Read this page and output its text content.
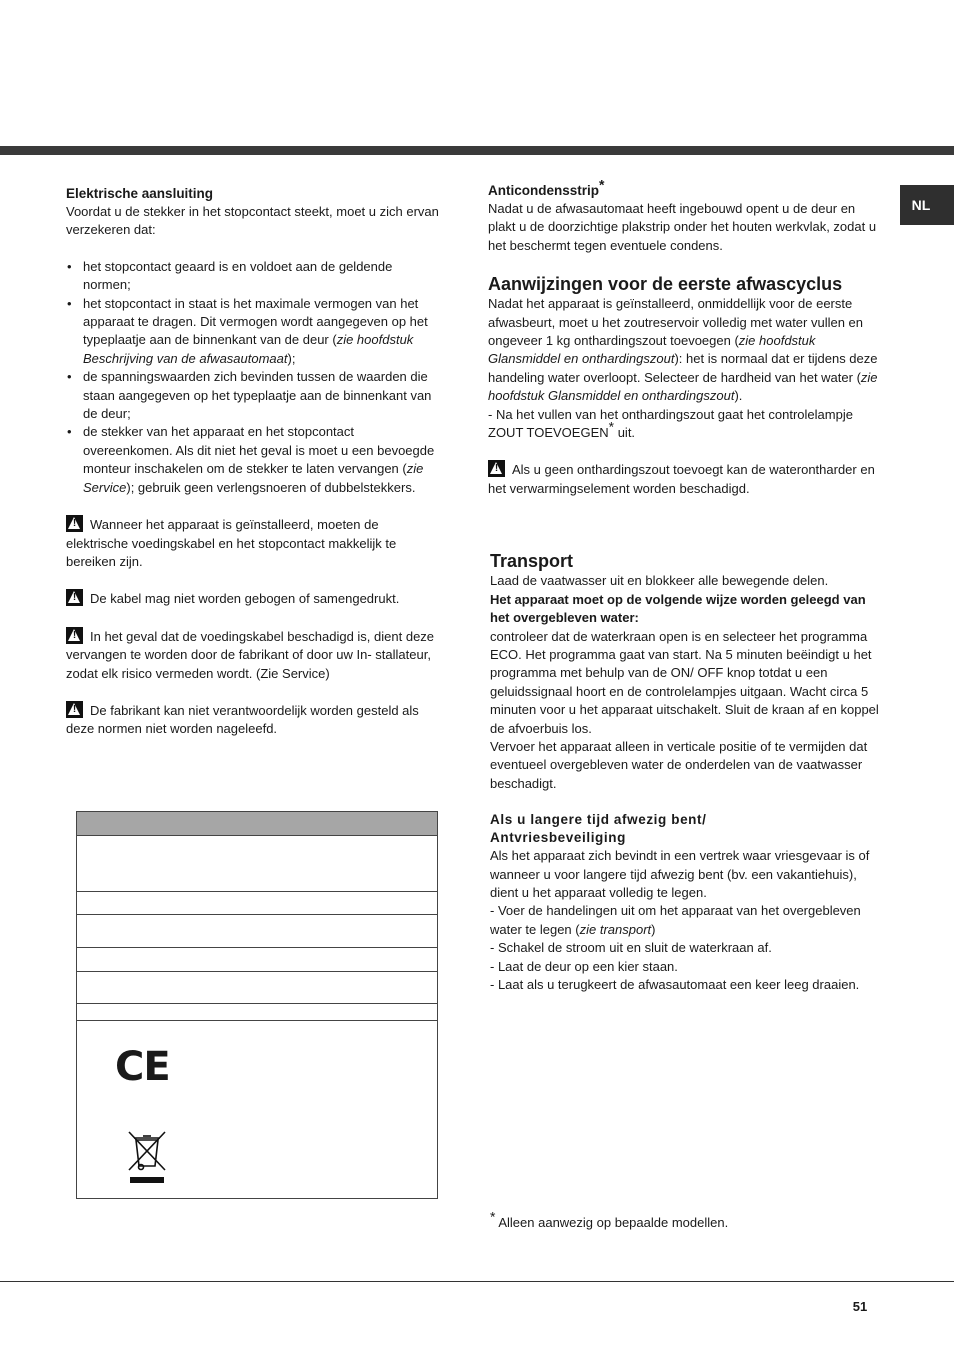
NL
Elektrische aansluiting

Voordat u de stekker in het stopcontact steekt, moet u zich ervan verzekeren dat:

• het stopcontact geaard is en voldoet aan de geldende normen;
• het stopcontact in staat is het maximale vermogen van het apparaat te dragen. Dit vermogen wordt aangegeven op het typeplaatje aan de binnenkant van de deur (zie hoofdstuk Beschrijving van de afwasautomaat);
• de spanningswaarden zich bevinden tussen de waarden die staan aangegeven op het typeplaatje aan de binnenkant van de deur;
• de stekker van het apparaat en het stopcontact overeenkomen. Als dit niet het geval is moet u een bevoegde monteur inschakelen om de stekker te laten vervangen (zie Service); gebruik geen verlengsnoeren of dubbelstekkers.

!Wanneer het apparaat is geïnstalleerd, moeten de elektrische voedingskabel en het stopcontact makkelijk te bereiken zijn.

!De kabel mag niet worden gebogen of samengedrukt.

!In het geval dat de voedingskabel beschadigd is, dient deze vervangen te worden door de fabrikant of door uw In- stallateur, zodat elk risico vermeden wordt. (Zie Service)

!De fabrikant kan niet verantwoordelijk worden gesteld als deze normen niet worden nageleefd.

CE
Anticondensstrip*

Nadat u de afwasautomaat heeft ingebouwd opent u de deur en plakt u de doorzichtige plakstrip onder het houten werkvlak, zodat u het beschermt tegen eventuele condens.

Aanwijzingen voor de eerste afwascyclus

Nadat het apparaat is geïnstalleerd, onmiddellijk voor de eerste afwasbeurt, moet u het zoutreservoir volledig met water vullen en ongeveer 1 kg onthardingszout toevoegen (zie hoofdstuk Glansmiddel en onthardingszout): het is normaal dat er tijdens deze handeling water overloopt. Selecteer de hardheid van het water (zie hoofdstuk Glansmiddel en onthardingszout).

- Na het vullen van het onthardingszout gaat het controlelampje ZOUT TOEVOEGEN* uit.

!Als u geen onthardingszout toevoegt kan de waterontharder en het verwarmingselement worden beschadigd.

Transport

Laad de vaatwasser uit en blokkeer alle bewegende delen.

Het apparaat moet op de volgende wijze worden geleegd van het overgebleven water:

controleer dat de waterkraan open is en selecteer het programma ECO. Het programma gaat van start. Na 5 minuten beëindigt u het programma met behulp van de ON/ OFF knop totdat u een geluidssignaal hoort en de controlelampjes uitgaan. Wacht circa 5 minuten voor u het apparaat uitschakelt. Sluit de kraan af en koppel de afvoerbuis los.

Vervoer het apparaat alleen in verticale positie of te vermijden dat eventueel overgebleven water de onderdelen van de vaatwasser beschadigt.

Als u langere tijd afwezig bent/
Antvriesbeveiliging

Als het apparaat zich bevindt in een vertrek waar vriesgevaar is of wanneer u voor langere tijd afwezig bent (bv. een vakantiehuis), dient u het apparaat volledig te legen.

- Voer de handelingen uit om het apparaat van het overgebleven water te legen (zie transport)

- Schakel de stroom uit en sluit de waterkraan af.

- Laat de deur op een kier staan.

- Laat als u terugkeert de afwasautomaat een keer leeg draaien.

* Alleen aanwezig op bepaalde modellen.
51
